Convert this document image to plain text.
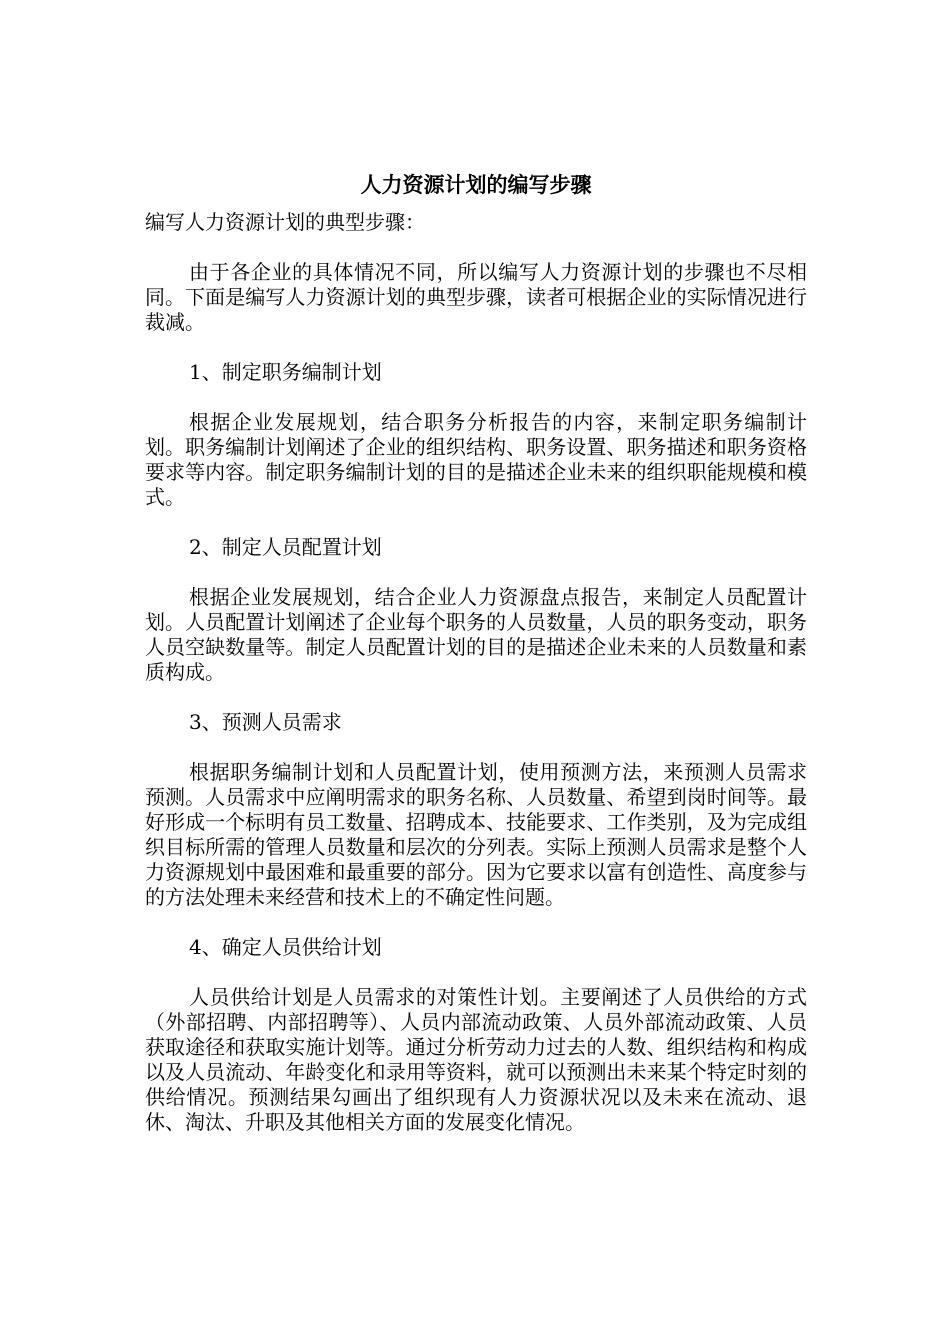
人力资源计划的编写步骤
编写人力资源计划的典型步骤：
由于各企业的具体情况不同，所以编写人力资源计划的步骤也不尽相同。下面是编写人力资源计划的典型步骤，读者可根据企业的实际情况进行裁减。
1、制定职务编制计划
根据企业发展规划，结合职务分析报告的内容，来制定职务编制计划。职务编制计划阐述了企业的组织结构、职务设置、职务描述和职务资格要求等内容。制定职务编制计划的目的是描述企业未来的组织职能规模和模式。
2、制定人员配置计划
根据企业发展规划，结合企业人力资源盘点报告，来制定人员配置计划。人员配置计划阐述了企业每个职务的人员数量，人员的职务变动，职务人员空缺数量等。制定人员配置计划的目的是描述企业未来的人员数量和素质构成。
3、预测人员需求
根据职务编制计划和人员配置计划，使用预测方法，来预测人员需求预测。人员需求中应阐明需求的职务名称、人员数量、希望到岗时间等。最好形成一个标明有员工数量、招聘成本、技能要求、工作类别，及为完成组织目标所需的管理人员数量和层次的分列表。实际上预测人员需求是整个人力资源规划中最困难和最重要的部分。因为它要求以富有创造性、高度参与的方法处理未来经营和技术上的不确定性问题。
4、确定人员供给计划
人员供给计划是人员需求的对策性计划。主要阐述了人员供给的方式（外部招聘、内部招聘等）、人员内部流动政策、人员外部流动政策、人员获取途径和获取实施计划等。通过分析劳动力过去的人数、组织结构和构成以及人员流动、年龄变化和录用等资料，就可以预测出未来某个特定时刻的供给情况。预测结果勾画出了组织现有人力资源状况以及未来在流动、退休、淘汰、升职及其他相关方面的发展变化情况。
